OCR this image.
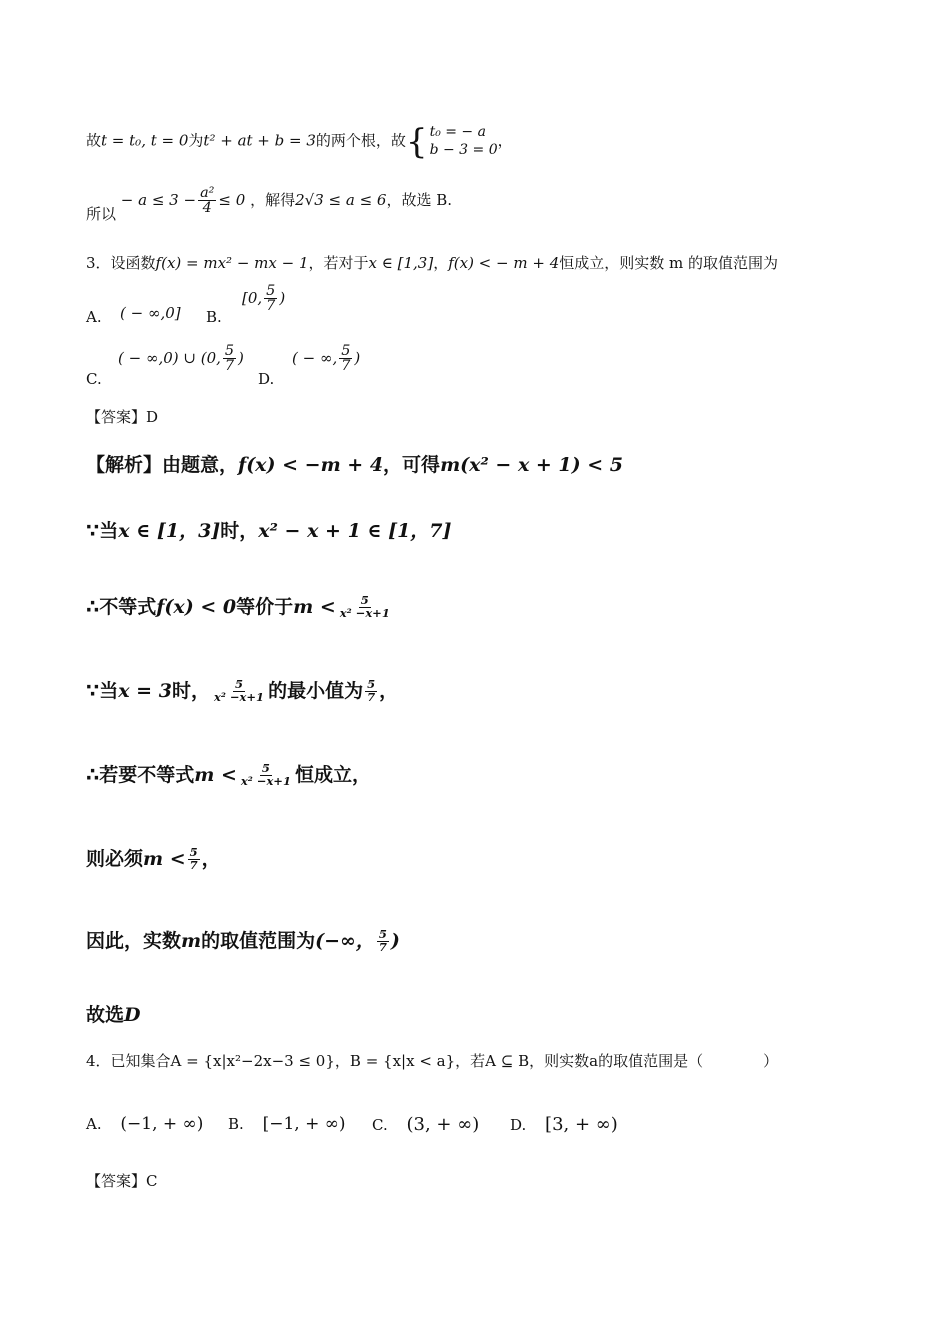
故t = t₀, t = 0为t² + at + b = 3的两个根，故 { t₀ = − a
b − 3 = 0 ，
所以 − $a \le 3 - \frac{\text{a²}}{4} \le 0$ ，解得2√3 ≤ a ≤ 6，故选 B.
3．设函数f(x) = mx² − mx − 1，若对于x ∈ [1,3]，f(x) < − m + 4恒成立，则实数 m 的取值范围为
A. ( − ∞,0] B.
[0, $\frac{5}{7}$ )
C.
( − ∞,0) ∪ (0, $\frac{5}{7}$ )
D.
( − ∞, $\frac{5}{7}$ )
【答案】D
【解析】由题意，f(x) < −m + 4，可得m(x² − x + 1) < 5
∵当x ∈ [1，3]时，x² − x + 1 ∈ [1，7]
∴不等式f(x) < 0等价于$m < \frac{5}{\text{x² −x+1}}$
∵当x = 3时， $\frac{5}{\text{x² −x+1}}$ 的最小值为 $\frac{5}{7}$ ，
∴若要不等式$m < \frac{5}{\text{x² −x+1}}$ 恒成立，
则必须$m < \frac{5}{7}$ ，
因此，实数m的取值范围为(−∞， $\frac{5}{7}$ )
故选D
4．已知集合A = {x|x²−2x−3 ≤ 0}，B = {x|x < a}，若A ⊆ B，则实数a的取值范围是（　　　　）
A. (−1, + ∞) B. [−1, + ∞) C. (3, + ∞) D. [3, + ∞)
【答案】C
